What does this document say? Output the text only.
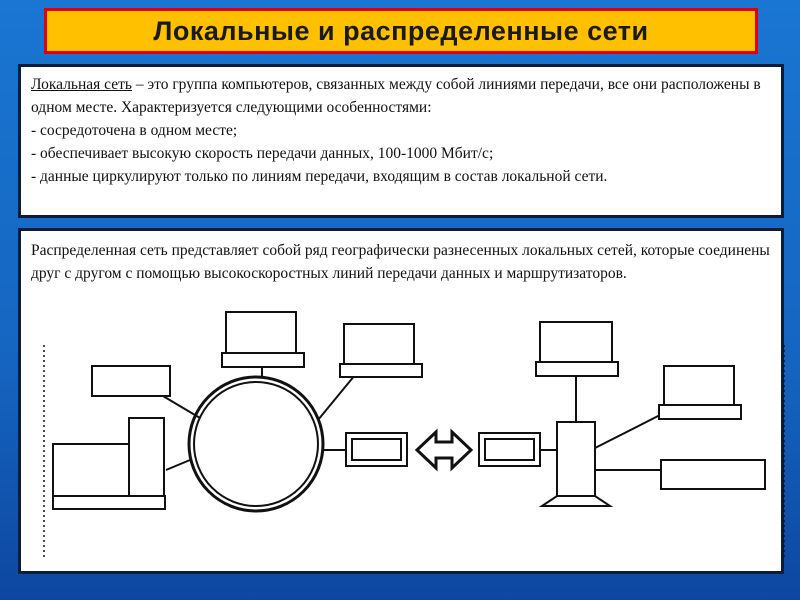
Локальные и распределенные сети

Локальная сеть – это группа компьютеров, связанных между собой линиями передачи, все они расположены в одном месте. Характеризуется следующими особенностями:
- сосредоточена в одном месте;
- обеспечивает высокую скорость передачи данных, 100-1000 Мбит/с;
- данные циркулируют только по линиям передачи, входящим в состав локальной сети.

Распределенная сеть представляет собой ряд географически разнесенных локальных сетей, которые соединены друг с другом с помощью высокоскоростных линий передачи данных и маршрутизаторов.
